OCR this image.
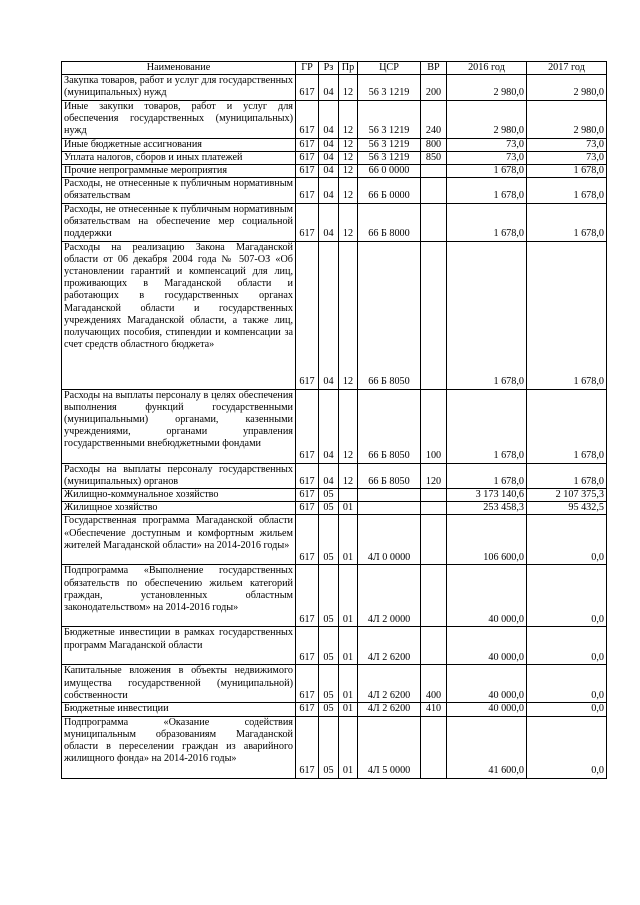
Наименование	ГР	Рз	Пр	ЦСР	ВР	2016 год	2017 год
Закупка товаров, работ и услуг для государственных (муниципальных) нужд	617	04	12	56 3 1219	200	2 980,0	2 980,0
Иные закупки товаров, работ и услуг для обеспечения государственных (муниципальных) нужд	617	04	12	56 3 1219	240	2 980,0	2 980,0
Иные бюджетные ассигнования	617	04	12	56 3 1219	800	73,0	73,0
Уплата налогов, сборов и иных платежей	617	04	12	56 3 1219	850	73,0	73,0
Прочие непрограммные мероприятия	617	04	12	66 0 0000		1 678,0	1 678,0
Расходы, не отнесенные к публичным нормативным обязательствам	617	04	12	66 Б 0000		1 678,0	1 678,0
Расходы, не отнесенные к публичным нормативным обязательствам на обеспечение мер социальной поддержки	617	04	12	66 Б 8000		1 678,0	1 678,0
Расходы на реализацию Закона Магаданской области от 06 декабря 2004 года № 507-ОЗ «Об установлении гарантий и компенсаций для лиц, проживающих в Магаданской области и работающих в государственных органах Магаданской области и государственных учреждениях Магаданской области, а также лиц, получающих пособия, стипендии и компенсации за счет средств областного бюджета»	617	04	12	66 Б 8050		1 678,0	1 678,0
Расходы на выплаты персоналу в целях обеспечения выполнения функций государственными (муниципальными) органами, казенными учреждениями, органами управления государственными внебюджетными фондами	617	04	12	66 Б 8050	100	1 678,0	1 678,0
Расходы на выплаты персоналу государственных (муниципальных) органов	617	04	12	66 Б 8050	120	1 678,0	1 678,0
Жилищно-коммунальное хозяйство	617	05				3 173 140,6	2 107 375,3
Жилищное хозяйство	617	05	01			253 458,3	95 432,5
Государственная программа Магаданской области «Обеспечение доступным и комфортным жильем жителей Магаданской области» на 2014-2016 годы»	617	05	01	4Л 0 0000		106 600,0	0,0
Подпрограмма «Выполнение государственных обязательств по обеспечению жильем категорий граждан, установленных областным законодательством» на 2014-2016 годы»	617	05	01	4Л 2 0000		40 000,0	0,0
Бюджетные инвестиции в рамках государственных программ Магаданской области	617	05	01	4Л 2 6200		40 000,0	0,0
Капитальные вложения в объекты недвижимого имущества государственной (муниципальной) собственности	617	05	01	4Л 2 6200	400	40 000,0	0,0
Бюджетные инвестиции	617	05	01	4Л 2 6200	410	40 000,0	0,0
Подпрограмма «Оказание содействия муниципальным образованиям Магаданской области в переселении граждан из аварийного жилищного фонда» на 2014-2016 годы»	617	05	01	4Л 5 0000		41 600,0	0,0
